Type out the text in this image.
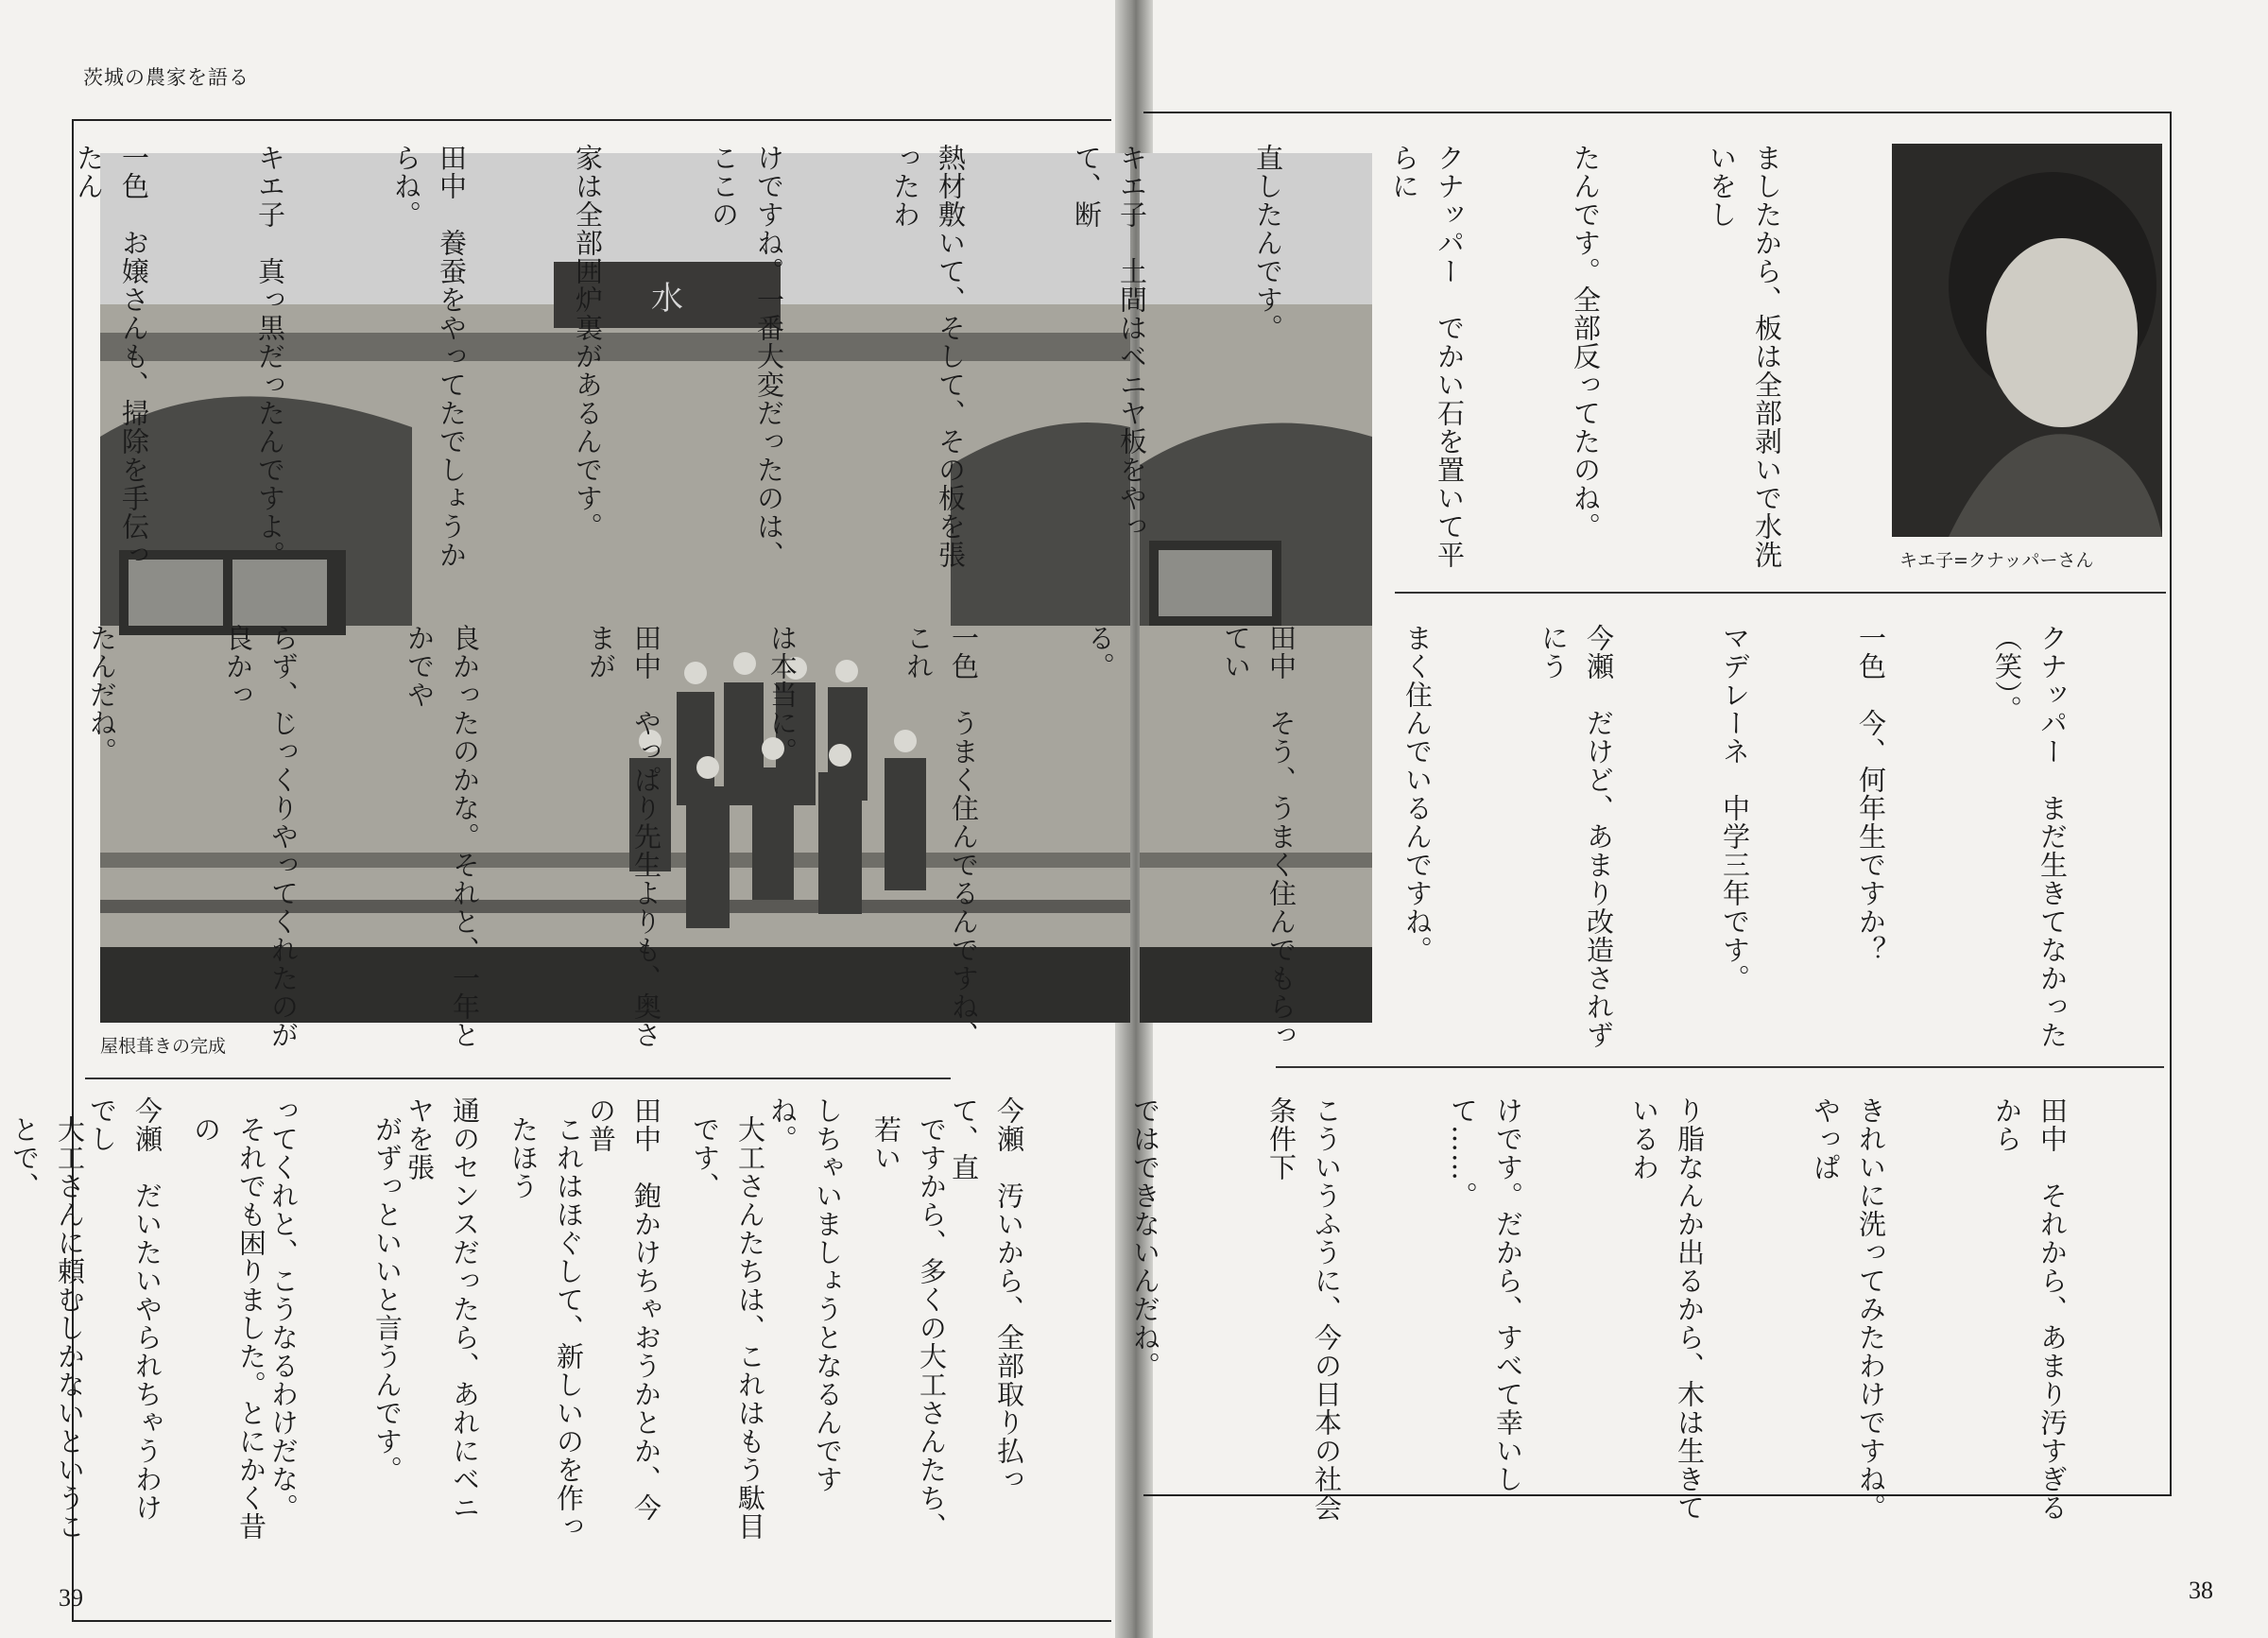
茨城の農家を語る
水
屋根葺きの完成
キエ子=クナッパーさん

ましたから、板は全部剥いで水洗いをし

たんです。全部反ってたのね。

クナッパー　でかい石を置いて平らに

直したんです。

キエ子　土間はベニヤ板をやって、断

熱材敷いて、そして、その板を張ったわ

けですね。一番大変だったのは、ここの

家は全部囲炉裏があるんです。

田中　養蚕をやってたでしょうからね。

キエ子　真っ黒だったんですよ。

一色　お嬢さんも、掃除を手伝ったん

クナッパー　まだ生きてなかった（笑）。

一色　今、何年生ですか？

マデレーネ　中学三年です。

今瀬　だけど、あまり改造されずにう

まく住んでいるんですね。

田中　そう、うまく住んでもらってい

る。

一色　うまく住んでるんですね、これ

は本当に。

田中　やっぱり先生よりも、奥さまが

良かったのかな。それと、一年とかでや

らず、じっくりやってくれたのが良かっ

たんだね。

田中　それから、あまり汚すぎるから

きれいに洗ってみたわけですね。やっぱ

り脂なんか出るから、木は生きているわ

けです。だから、すべて幸いして……。

こういうふうに、今の日本の社会条件下

ではできないんだね。

今瀬　汚いから、全部取り払って、直

しちゃいましょうとなるんですね。

田中　鉋かけちゃおうかとか、今の普

通のセンスだったら、あれにベニヤを張

ってくれと、こうなるわけだな。

今瀬　だいたいやられちゃうわけでし

	ですから、多くの大工さんたち、若い

大工さんたちは、これはもう駄目です、

これはほぐして、新しいのを作ったほう

がずっといいと言うんです。

それでも困りました。とにかく昔の

大工さんに頼むしかないということで、

39	38
